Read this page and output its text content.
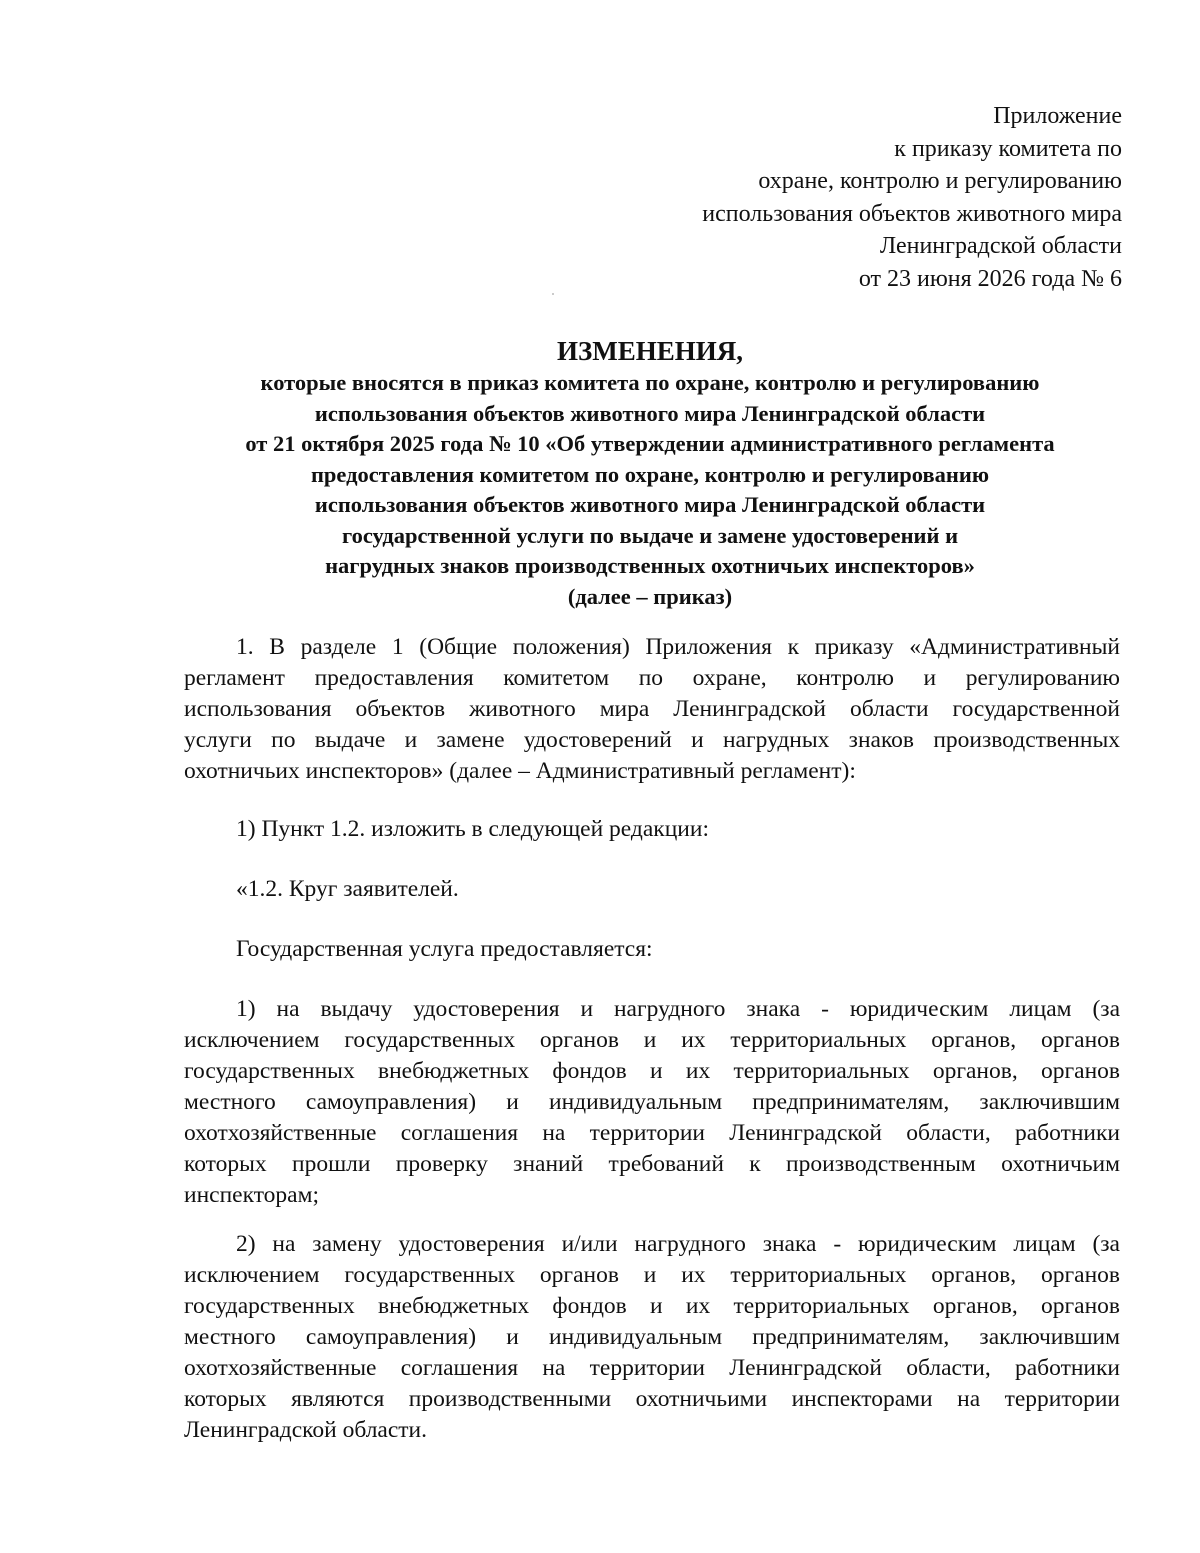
Приложение
к приказу комитета по
охране, контролю и регулированию
использования объектов животного мира
Ленинградской области
от 23 июня 2026 года № 6
ИЗМЕНЕНИЯ,
которые вносятся в приказ комитета по охране, контролю и регулированию
использования объектов животного мира Ленинградской области
от 21 октября 2025 года № 10 «Об утверждении административного регламента
предоставления комитетом по охране, контролю и регулированию
использования объектов животного мира Ленинградской области
государственной услуги по выдаче и замене удостоверений и
нагрудных знаков производственных охотничьих инспекторов»
(далее – приказ)
1. В разделе 1 (Общие положения) Приложения к приказу «Административный
регламент предоставления комитетом по охране, контролю и регулированию
использования объектов животного мира Ленинградской области государственной
услуги по выдаче и замене удостоверений и нагрудных знаков производственных
охотничьих инспекторов» (далее – Административный регламент):
1) Пункт 1.2. изложить в следующей редакции:
«1.2. Круг заявителей.
Государственная услуга предоставляется:
1) на выдачу удостоверения и нагрудного знака - юридическим лицам (за
исключением государственных органов и их территориальных органов, органов
государственных внебюджетных фондов и их территориальных органов, органов
местного самоуправления) и индивидуальным предпринимателям, заключившим
охотхозяйственные соглашения на территории Ленинградской области, работники
которых прошли проверку знаний требований к производственным охотничьим
инспекторам;
2) на замену удостоверения и/или нагрудного знака - юридическим лицам (за
исключением государственных органов и их территориальных органов, органов
государственных внебюджетных фондов и их территориальных органов, органов
местного самоуправления) и индивидуальным предпринимателям, заключившим
охотхозяйственные соглашения на территории Ленинградской области, работники
которых являются производственными охотничьими инспекторами на территории
Ленинградской области.
